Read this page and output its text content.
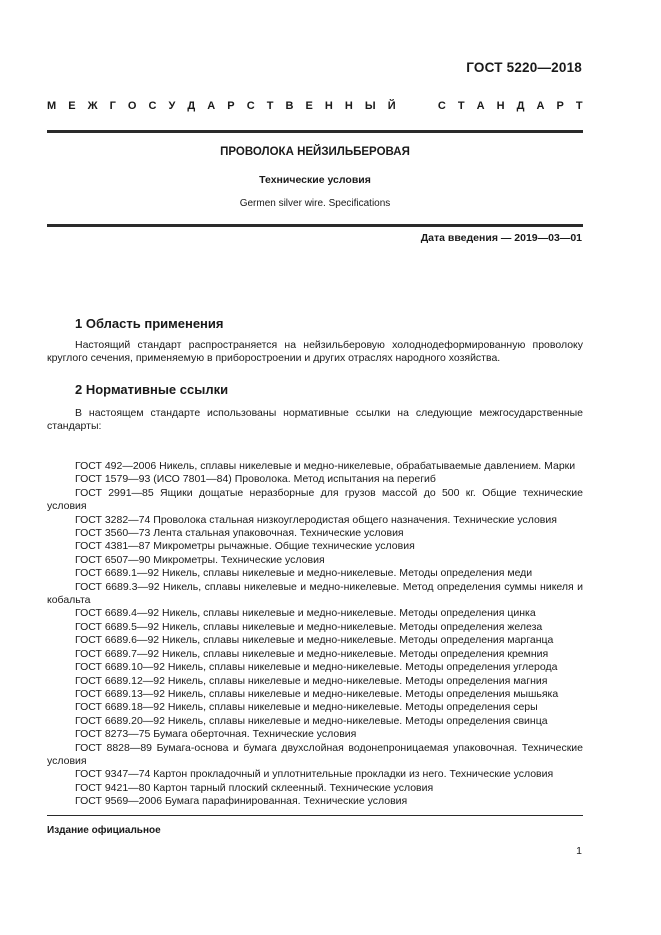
ГОСТ 5220—2018
М Е Ж Г О С У Д А Р С Т В Е Н Н Ы Й

	С Т А Н Д А Р Т
ПРОВОЛОКА НЕЙЗИЛЬБЕРОВАЯ
Технические условия
Germen silver wire. Specifications
Дата введения — 2019—03—01
1 Область применения

Настоящий стандарт распространяется на нейзильберовую холоднодеформированную проволоку круглого сечения, применяемую в приборостроении и других отраслях народного хозяйства.

2 Нормативные ссылки

В настоящем стандарте использованы нормативные ссылки на следующие межгосударственные стандарты:

ГОСТ 492—2006 Никель, сплавы никелевые и медно-никелевые, обрабатываемые давлением. Марки

ГОСТ 1579—93 (ИСО 7801—84) Проволока. Метод испытания на перегиб

ГОСТ 2991—85 Ящики дощатые неразборные для грузов массой до 500 кг. Общие технические условия

ГОСТ 3282—74 Проволока стальная низкоуглеродистая общего назначения. Технические условия

ГОСТ 3560—73 Лента стальная упаковочная. Технические условия

ГОСТ 4381—87 Микрометры рычажные. Общие технические условия

ГОСТ 6507—90 Микрометры. Технические условия

ГОСТ 6689.1—92 Никель, сплавы никелевые и медно-никелевые. Методы определения меди

ГОСТ 6689.3—92 Никель, сплавы никелевые и медно-никелевые. Метод определения суммы никеля и кобальта

ГОСТ 6689.4—92 Никель, сплавы никелевые и медно-никелевые. Методы определения цинка

ГОСТ 6689.5—92 Никель, сплавы никелевые и медно-никелевые. Методы определения железа

ГОСТ 6689.6—92 Никель, сплавы никелевые и медно-никелевые. Методы определения марганца

ГОСТ 6689.7—92 Никель, сплавы никелевые и медно-никелевые. Методы определения кремния

ГОСТ 6689.10—92 Никель, сплавы никелевые и медно-никелевые. Методы определения углерода

ГОСТ 6689.12—92 Никель, сплавы никелевые и медно-никелевые. Методы определения магния

ГОСТ 6689.13—92 Никель, сплавы никелевые и медно-никелевые. Методы определения мышьяка

ГОСТ 6689.18—92 Никель, сплавы никелевые и медно-никелевые. Методы определения серы

ГОСТ 6689.20—92 Никель, сплавы никелевые и медно-никелевые. Методы определения свинца

ГОСТ 8273—75 Бумага оберточная. Технические условия

ГОСТ 8828—89 Бумага-основа и бумага двухслойная водонепроницаемая упаковочная. Технические условия

ГОСТ 9347—74 Картон прокладочный и уплотнительные прокладки из него. Технические условия

ГОСТ 9421—80 Картон тарный плоский склеенный. Технические условия

ГОСТ 9569—2006 Бумага парафинированная. Технические условия

Издание официальное
1
